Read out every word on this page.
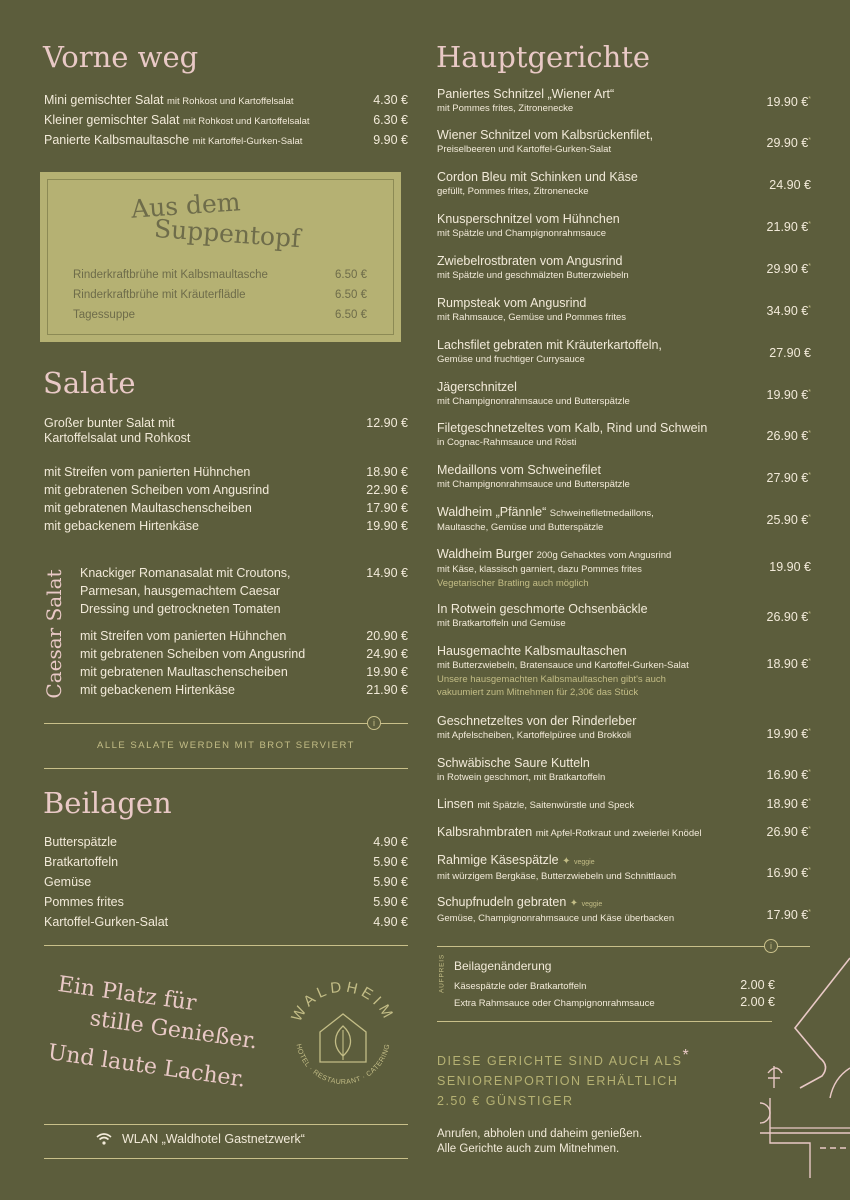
Vorne weg
Mini gemischter Salat mit Rohkost und Kartoffelsalat	4.30 €
Kleiner gemischter Salat mit Rohkost und Kartoffelsalat	6.30 €
Panierte Kalbsmaultasche mit Kartoffel-Gurken-Salat	9.90 €
Aus dem
Suppentopf
Rinderkraftbrühe mit Kalbsmaultasche	6.50 €
Rinderkraftbrühe mit Kräuterflädle	6.50 €
Tagessuppe	6.50 €
Salate
Großer bunter Salat mit
Kartoffelsalat und Rohkost
12.90 €
mit Streifen vom panierten Hühnchen	18.90 €
mit gebratenen Scheiben vom Angusrind	22.90 €
mit gebratenen Maultaschenscheiben	17.90 €
mit gebackenem Hirtenkäse	19.90 €
Caesar Salat Knackiger Romanasalat mit Croutons,
Parmesan, hausgemachtem Caesar
Dressing und getrockneten Tomaten
14.90 €
mit Streifen vom panierten Hühnchen	20.90 €
mit gebratenen Scheiben vom Angusrind	24.90 €
mit gebratenen Maultaschenscheiben	19.90 €
mit gebackenem Hirtenkäse	21.90 €
i
ALLE SALATE WERDEN MIT BROT SERVIERT
Beilagen
Butterspätzle	4.90 €
Bratkartoffeln	5.90 €
Gemüse	5.90 €
Pommes frites	5.90 €
Kartoffel-Gurken-Salat	4.90 €
Ein Platz für
stille Genießer.
Und laute Lacher.
WALDHEIM
HOTEL · RESTAURANT · CATERING
WLAN „Waldhotel Gastnetzwerk“
Hauptgerichte
Paniertes Schnitzel „Wiener Art“
mit Pommes frites, Zitronenecke	19.90 €*
Wiener Schnitzel vom Kalbsrückenfilet,
Preiselbeeren und Kartoffel-Gurken-Salat	29.90 €*
Cordon Bleu mit Schinken und Käse
gefüllt, Pommes frites, Zitronenecke	24.90 €
Knusperschnitzel vom Hühnchen
mit Spätzle und Champignonrahmsauce	21.90 €*
Zwiebelrostbraten vom Angusrind
mit Spätzle und geschmälzten Butterzwiebeln	29.90 €*
Rumpsteak vom Angusrind
mit Rahmsauce, Gemüse und Pommes frites	34.90 €*
Lachsfilet gebraten mit Kräuterkartoffeln,
Gemüse und fruchtiger Currysauce	27.90 €
Jägerschnitzel
mit Champignonrahmsauce und Butterspätzle	19.90 €*
Filetgeschnetzeltes vom Kalb, Rind und Schwein
in Cognac-Rahmsauce und Rösti	26.90 €*
Medaillons vom Schweinefilet
mit Champignonrahmsauce und Butterspätzle	27.90 €*
Waldheim „Pfännle“ Schweinefiletmedaillons,
Maultasche, Gemüse und Butterspätzle
25.90 €*
Waldheim Burger 200g Gehacktes vom Angusrind
mit Käse, klassisch garniert, dazu Pommes frites
Vegetarischer Bratling auch möglich
19.90 €
In Rotwein geschmorte Ochsenbäckle
mit Bratkartoffeln und Gemüse	26.90 €*
Hausgemachte Kalbsmaultaschen
mit Butterzwiebeln, Bratensauce und Kartoffel-Gurken-Salat
Unsere hausgemachten Kalbsmaultaschen gibt's auch
vakuumiert zum Mitnehmen für 2,30€ das Stück
18.90 €*
Geschnetzeltes von der Rinderleber
mit Apfelscheiben, Kartoffelpüree und Brokkoli	19.90 €*
Schwäbische Saure Kutteln
in Rotwein geschmort, mit Bratkartoffeln	16.90 €*
Linsen mit Spätzle, Saitenwürstle und Speck	18.90 €*
Kalbsrahmbraten mit Apfel-Rotkraut und zweierlei Knödel	26.90 €*
Rahmige Käsespätzle ✦ veggie
mit würzigem Bergkäse, Butterzwiebeln und Schnittlauch	16.90 €*
Schupfnudeln gebraten ✦ veggie
Gemüse, Champignonrahmsauce und Käse überbacken	17.90 €*
i
AUFPREIS Beilagenänderung
Käsespätzle oder Bratkartoffeln	2.00 €
Extra Rahmsauce oder Champignonrahmsauce	2.00 €
DIESE GERICHTE SIND AUCH ALS*
SENIORENPORTION ERHÄLTLICH
2.50 € GÜNSTIGER
Anrufen, abholen und daheim genießen.
Alle Gerichte auch zum Mitnehmen.
